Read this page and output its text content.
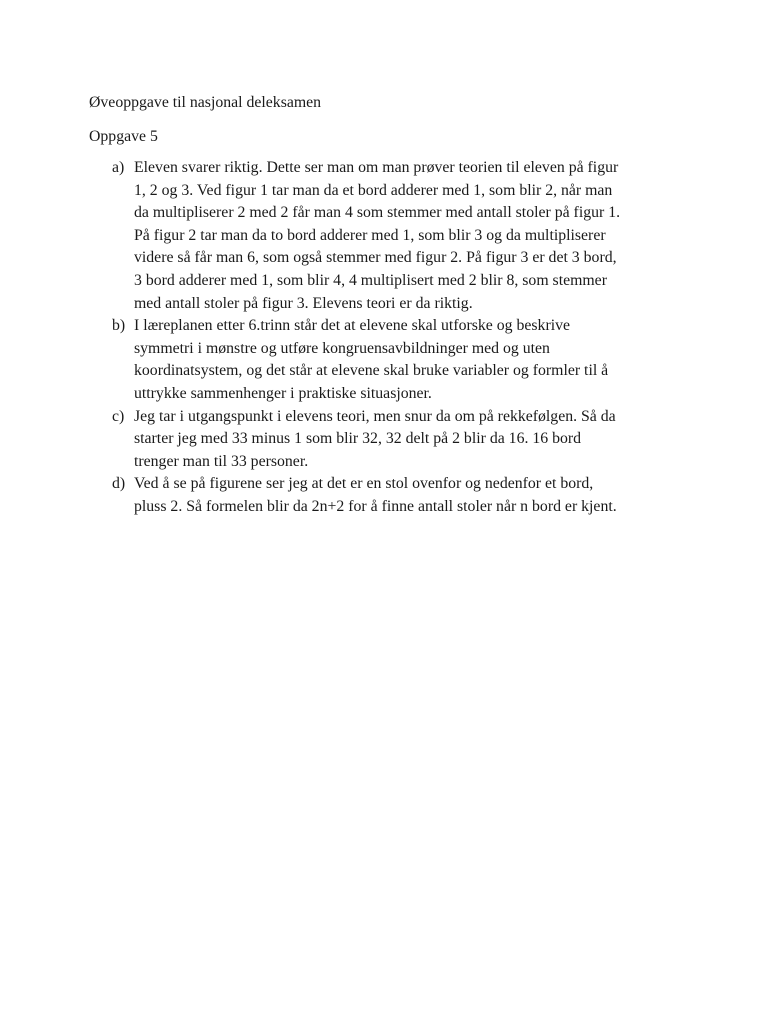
Øveoppgave til nasjonal deleksamen

Oppgave 5

a) Eleven svarer riktig. Dette ser man om man prøver teorien til eleven på figur
1, 2 og 3. Ved figur 1 tar man da et bord adderer med 1, som blir 2, når man
da multipliserer 2 med 2 får man 4 som stemmer med antall stoler på figur 1.
På figur 2 tar man da to bord adderer med 1, som blir 3 og da multipliserer
videre så får man 6, som også stemmer med figur 2. På figur 3 er det 3 bord,
3 bord adderer med 1, som blir 4, 4 multiplisert med 2 blir 8, som stemmer
med antall stoler på figur 3. Elevens teori er da riktig.

b) I læreplanen etter 6.trinn står det at elevene skal utforske og beskrive
symmetri i mønstre og utføre kongruensavbildninger med og uten
koordinatsystem, og det står at elevene skal bruke variabler og formler til å
uttrykke sammenhenger i praktiske situasjoner.

c) Jeg tar i utgangspunkt i elevens teori, men snur da om på rekkefølgen. Så da
starter jeg med 33 minus 1 som blir 32, 32 delt på 2 blir da 16. 16 bord
trenger man til 33 personer.

d) Ved å se på figurene ser jeg at det er en stol ovenfor og nedenfor et bord,
pluss 2. Så formelen blir da 2n+2 for å finne antall stoler når n bord er kjent.
